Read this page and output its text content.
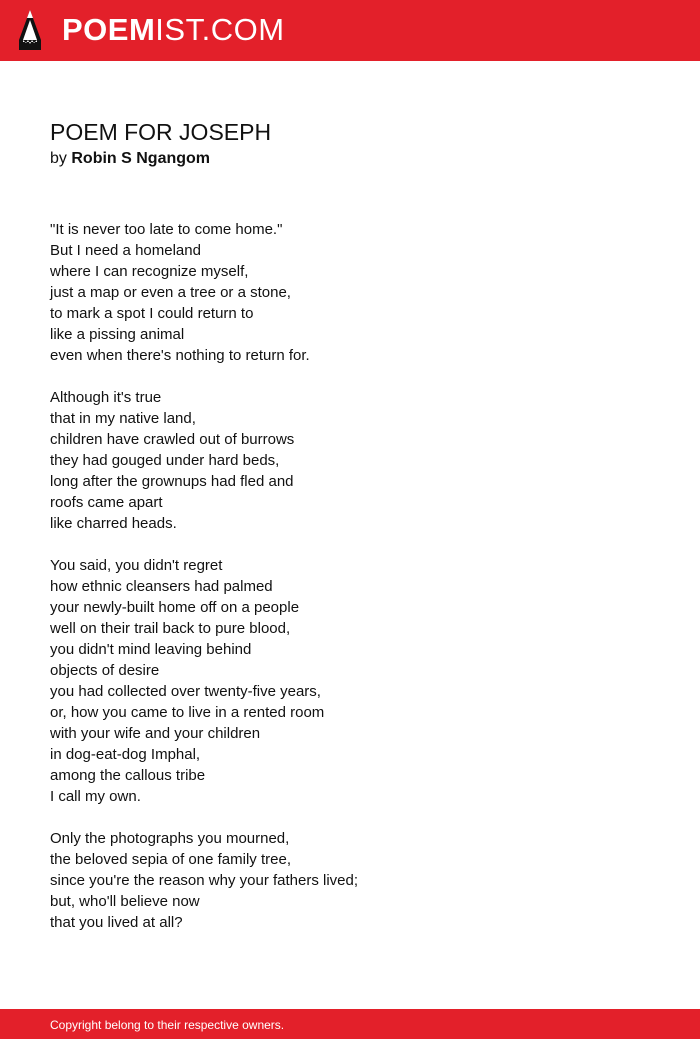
POEMIST.COM
POEM FOR JOSEPH
by Robin S Ngangom
"It is never too late to come home."
But I need a homeland
where I can recognize myself,
just a map or even a tree or a stone,
to mark a spot I could return to
like a pissing animal
even when there's nothing to return for.
Although it's true
that in my native land,
children have crawled out of burrows
they had gouged under hard beds,
long after the grownups had fled and
roofs came apart
like charred heads.
You said, you didn't regret
how ethnic cleansers had palmed
your newly-built home off on a people
well on their trail back to pure blood,
you didn't mind leaving behind
objects of desire
you had collected over twenty-five years,
or, how you came to live in a rented room
with your wife and your children
in dog-eat-dog Imphal,
among the callous tribe
I call my own.
Only the photographs you mourned,
the beloved sepia of one family tree,
since you're the reason why your fathers lived;
but, who'll believe now
that you lived at all?
Copyright belong to their respective owners.
